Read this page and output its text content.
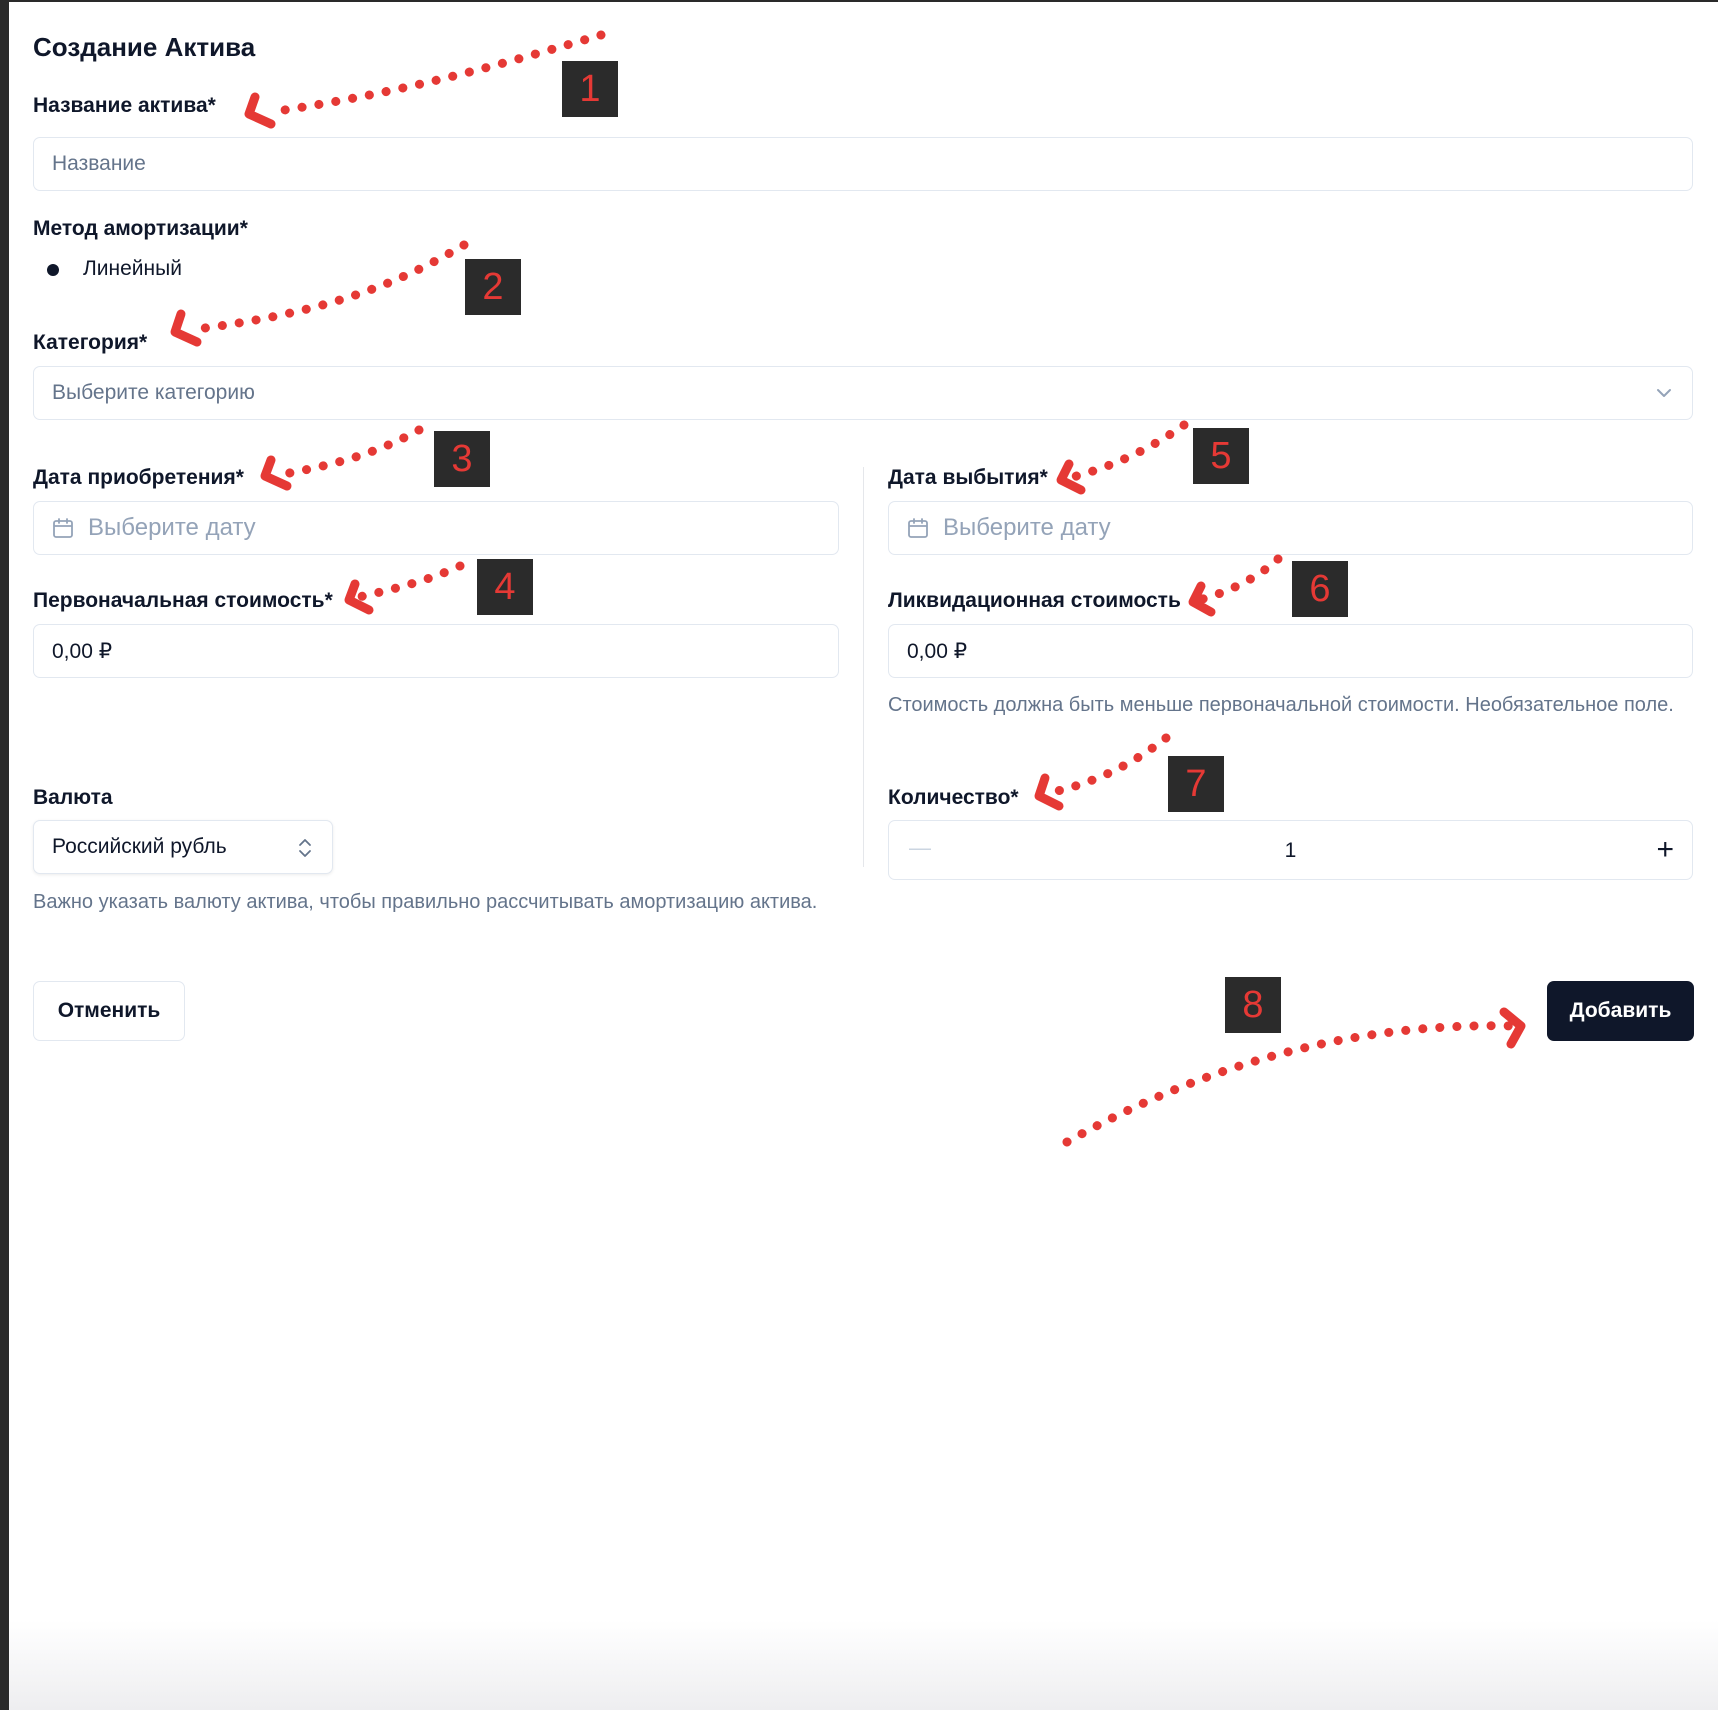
Создание Актива
Название актива*
Название
Метод амортизации*
Линейный
Категория*
Выберите категорию
Дата приобретения*
Выберите дату
Дата выбытия*
Выберите дату
Первоначальная стоимость*
0,00 ₽
Ликвидационная стоимость
0,00 ₽
Стоимость должна быть меньше первоначальной стоимости. Необязательное поле.
Валюта
Российский рубль
Важно указать валюту актива, чтобы правильно рассчитывать амортизацию актива.
Количество*
—	1	+
Отменить	Добавить
1
2
3
4
5
6
7
8
